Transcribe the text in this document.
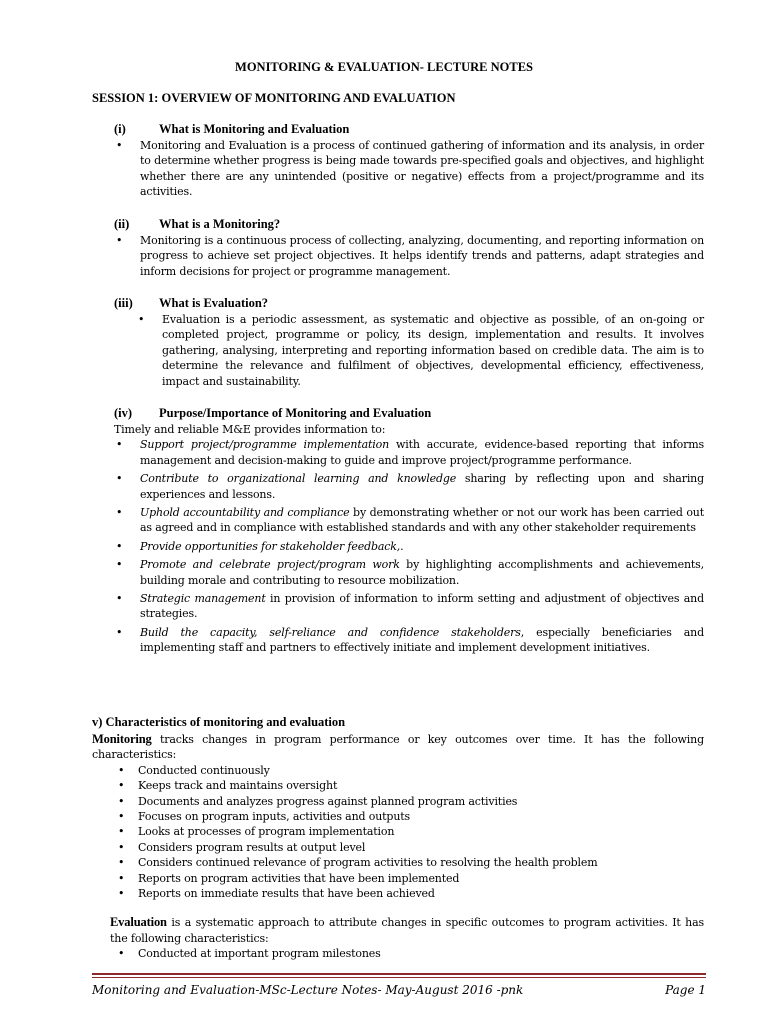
MONITORING & EVALUATION- LECTURE NOTES
SESSION 1: OVERVIEW OF MONITORING AND EVALUATION
(i)	What is Monitoring and Evaluation
• Monitoring and Evaluation is a process of continued gathering of information and its analysis, in order to determine whether progress is being made towards pre-specified goals and objectives, and highlight whether there are any unintended (positive or negative) effects from a project/programme and its activities.
(ii)	What is a Monitoring?
• Monitoring is a continuous process of collecting, analyzing, documenting, and reporting information on progress to achieve set project objectives. It helps identify trends and patterns, adapt strategies and inform decisions for project or programme management.
(iii)	What is Evaluation?
• Evaluation is a periodic assessment, as systematic and objective as possible, of an on-going or completed project, programme or policy, its design, implementation and results. It involves gathering, analysing, interpreting and reporting information based on credible data. The aim is to determine the relevance and fulfilment of objectives, developmental efficiency, effectiveness, impact and sustainability.
(iv)	Purpose/Importance of Monitoring and Evaluation
Timely and reliable M&E provides information to:
• Support project/programme implementation with accurate, evidence-based reporting that informs management and decision-making to guide and improve project/programme performance.
• Contribute to organizational learning and knowledge sharing by reflecting upon and sharing experiences and lessons.
• Uphold accountability and compliance by demonstrating whether or not our work has been carried out as agreed and in compliance with established standards and with any other stakeholder requirements
• Provide opportunities for stakeholder feedback,.
• Promote and celebrate project/program work by highlighting accomplishments and achievements, building morale and contributing to resource mobilization.
• Strategic management in provision of information to inform setting and adjustment of objectives and strategies.
• Build the capacity, self-reliance and confidence stakeholders, especially beneficiaries and implementing staff and partners to effectively initiate and implement development initiatives.
v) Characteristics of monitoring and evaluation
Monitoring tracks changes in program performance or key outcomes over time. It has the following characteristics:
• Conducted continuously
• Keeps track and maintains oversight
• Documents and analyzes progress against planned program activities
• Focuses on program inputs, activities and outputs
• Looks at processes of program implementation
• Considers program results at output level
• Considers continued relevance of program activities to resolving the health problem
• Reports on program activities that have been implemented
• Reports on immediate results that have been achieved
Evaluation is a systematic approach to attribute changes in specific outcomes to program activities. It has the following characteristics:
• Conducted at important program milestones
Monitoring and Evaluation-MSc-Lecture Notes- May-August 2016 -pnk	Page 1
